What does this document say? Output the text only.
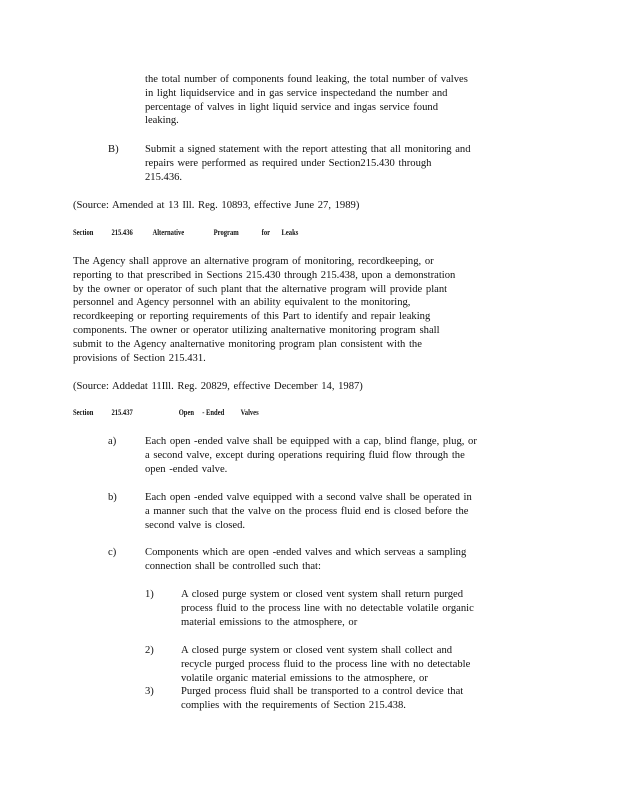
the total number of components found leaking, the total number of valves
in light liquidservice and in gas service inspectedand the number and
percentage of valves in light liquid service and ingas service found
leaking.
B) Submit a signed statement with the report attesting that all monitoring and
repairs were performed as required under Section215.430 through
215.436.
(Source: Amended at 13 Ill. Reg. 10893, effective June 27, 1989)
Section 215.436 Alternative	Program	for Leaks
The Agency shall approve an alternative program of monitoring, recordkeeping, or
reporting to that prescribed in Sections 215.430 through 215.438, upon a demonstration
by the owner or operator of such plant that the alternative program will provide plant
personnel and Agency personnel with an ability equivalent to the monitoring,
recordkeeping or reporting requirements of this Part to identify and repair leaking
components. The owner or operator utilizing analternative monitoring program shall
submit to the Agency analternative monitoring program plan consistent with the
provisions of Section 215.431.
(Source: Addedat 11Ill. Reg. 20829, effective December 14, 1987)
Section 215.437	Open - Ended Valves
a)	Each open -ended valve shall be equipped with a cap, blind flange, plug, or
a second valve, except during operations requiring fluid flow through the
open -ended valve.
b)	Each open -ended valve equipped with a second valve shall be operated in
a manner such that the valve on the process fluid end is closed before the
second valve is closed.
c)	Components which are open -ended valves and which serveas a sampling
connection shall be controlled such that:
1)	A closed purge system or closed vent system shall return purged
process fluid to the process line with no detectable volatile organic
material emissions to the atmosphere, or
2)	A closed purge system or closed vent system shall collect and
recycle purged process fluid to the process line with no detectable
volatile organic material emissions to the atmosphere, or
3)	Purged process fluid shall be transported to a control device that
complies with the requirements of Section 215.438.
